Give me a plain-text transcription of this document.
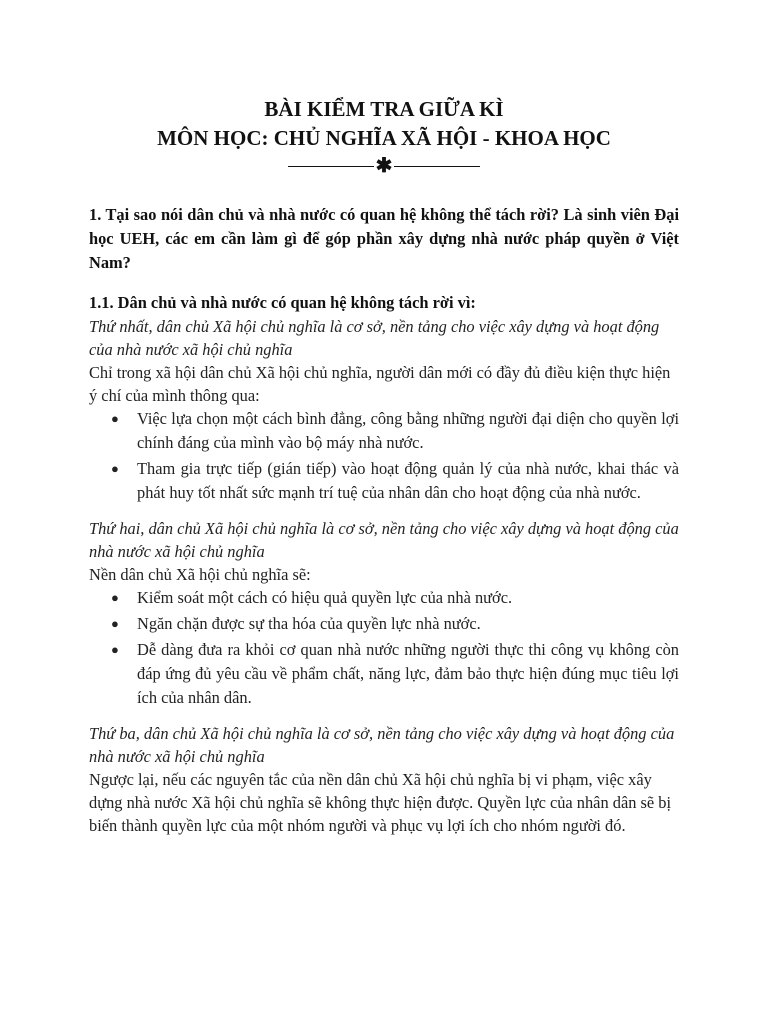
BÀI KIỂM TRA GIỮA KÌ

MÔN HỌC: CHỦ NGHĨA XÃ HỘI - KHOA HỌC

✱

1. Tại sao nói dân chủ và nhà nước có quan hệ không thể tách rời? Là sinh viên Đại học UEH, các em cần làm gì để góp phần xây dựng nhà nước pháp quyền ở Việt Nam?

1.1. Dân chủ và nhà nước có quan hệ không tách rời vì:

Thứ nhất, dân chủ Xã hội chủ nghĩa là cơ sở, nền tảng cho việc xây dựng và hoạt động của nhà nước xã hội chủ nghĩa

Chỉ trong xã hội dân chủ Xã hội chủ nghĩa, người dân mới có đầy đủ điều kiện thực hiện ý chí của mình thông qua:

● Việc lựa chọn một cách bình đẳng, công bằng những người đại diện cho quyền lợi chính đáng của mình vào bộ máy nhà nước.
● Tham gia trực tiếp (gián tiếp) vào hoạt động quản lý của nhà nước, khai thác và phát huy tốt nhất sức mạnh trí tuệ của nhân dân cho hoạt động của nhà nước.

Thứ hai, dân chủ Xã hội chủ nghĩa là cơ sở, nền tảng cho việc xây dựng và hoạt động của nhà nước xã hội chủ nghĩa

Nền dân chủ Xã hội chủ nghĩa sẽ:

● Kiểm soát một cách có hiệu quả quyền lực của nhà nước.
● Ngăn chặn được sự tha hóa của quyền lực nhà nước.
● Dễ dàng đưa ra khỏi cơ quan nhà nước những người thực thi công vụ không còn đáp ứng đủ yêu cầu về phẩm chất, năng lực, đảm bảo thực hiện đúng mục tiêu lợi ích của nhân dân.

Thứ ba, dân chủ Xã hội chủ nghĩa là cơ sở, nền tảng cho việc xây dựng và hoạt động của nhà nước xã hội chủ nghĩa

Ngược lại, nếu các nguyên tắc của nền dân chủ Xã hội chủ nghĩa bị vi phạm, việc xây dựng nhà nước Xã hội chủ nghĩa sẽ không thực hiện được. Quyền lực của nhân dân sẽ bị biến thành quyền lực của một nhóm người và phục vụ lợi ích cho nhóm người đó.
